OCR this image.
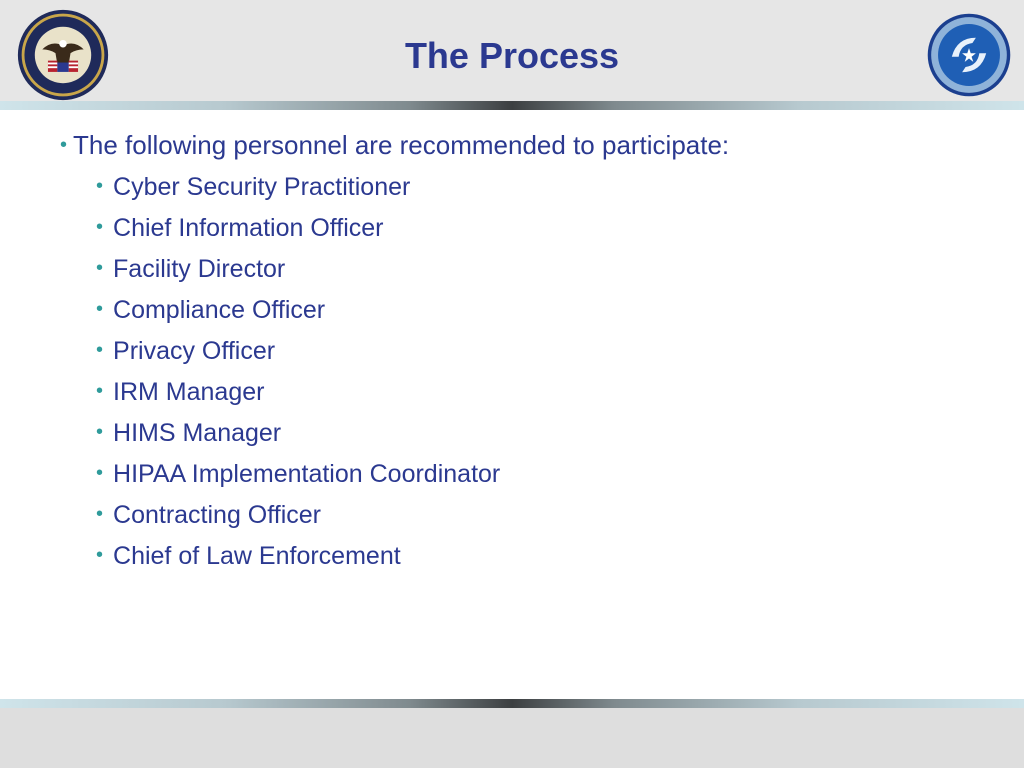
The Process
• The following personnel are recommended to participate:
• Cyber Security Practitioner
• Chief Information Officer
• Facility Director
• Compliance Officer
• Privacy Officer
• IRM Manager
• HIMS Manager
• HIPAA Implementation Coordinator
• Contracting Officer
• Chief of Law Enforcement
